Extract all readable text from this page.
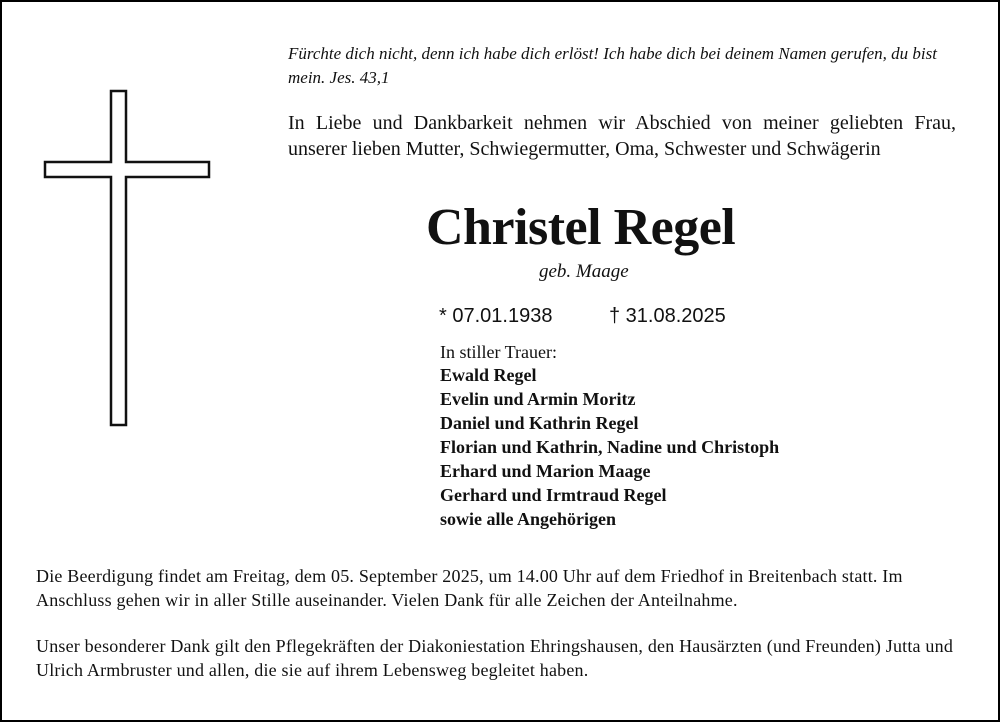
Fürchte dich nicht, denn ich habe dich erlöst! Ich habe dich bei deinem Namen gerufen, du bist mein. Jes. 43,1
In Liebe und Dankbarkeit nehmen wir Abschied von meiner geliebten Frau, unserer lieben Mutter, Schwiegermutter, Oma, Schwester und Schwägerin
Christel Regel
geb. Maage
* 07.01.1938	† 31.08.2025
In stiller Trauer:
Ewald Regel
Evelin und Armin Moritz
Daniel und Kathrin Regel
Florian und Kathrin, Nadine und Christoph
Erhard und Marion Maage
Gerhard und Irmtraud Regel
sowie alle Angehörigen
Die Beerdigung findet am Freitag, dem 05. September 2025, um 14.00 Uhr auf dem Friedhof in Breitenbach statt. Im Anschluss gehen wir in aller Stille auseinander. Vielen Dank für alle Zeichen der Anteilnahme.
Unser besonderer Dank gilt den Pflegekräften der Diakoniestation Ehringshausen, den Hausärzten (und Freunden) Jutta und Ulrich Armbruster und allen, die sie auf ihrem Lebensweg begleitet haben.
